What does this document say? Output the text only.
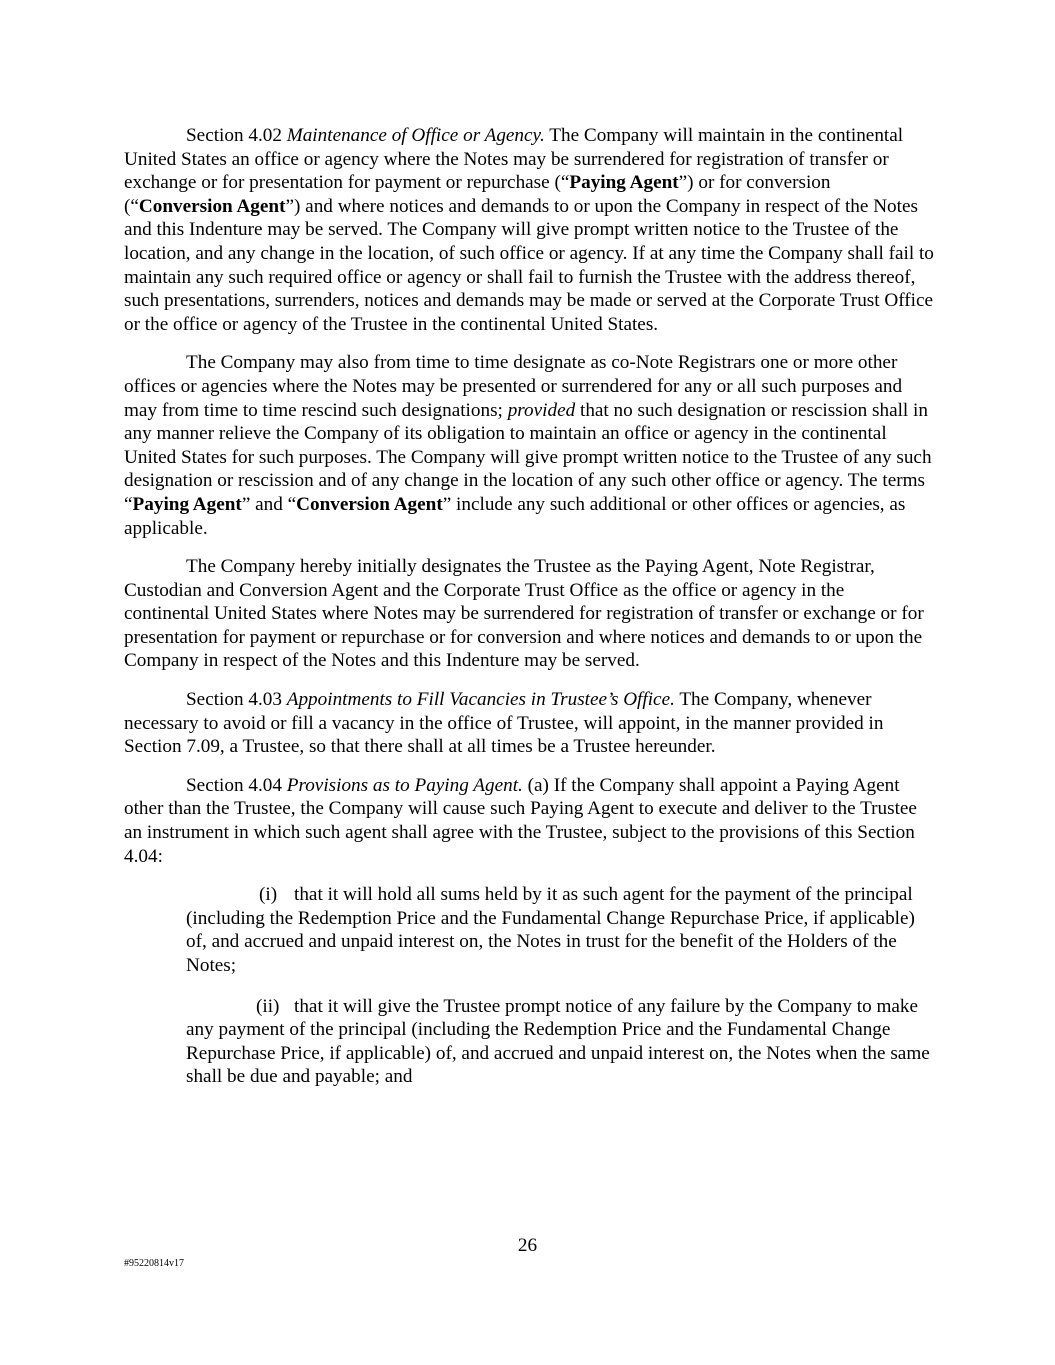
Section 4.02 Maintenance of Office or Agency. The Company will maintain in the continental United States an office or agency where the Notes may be surrendered for registration of transfer or exchange or for presentation for payment or repurchase (“Paying Agent”) or for conversion (“Conversion Agent”) and where notices and demands to or upon the Company in respect of the Notes and this Indenture may be served. The Company will give prompt written notice to the Trustee of the location, and any change in the location, of such office or agency. If at any time the Company shall fail to maintain any such required office or agency or shall fail to furnish the Trustee with the address thereof, such presentations, surrenders, notices and demands may be made or served at the Corporate Trust Office or the office or agency of the Trustee in the continental United States.

The Company may also from time to time designate as co-Note Registrars one or more other offices or agencies where the Notes may be presented or surrendered for any or all such purposes and may from time to time rescind such designations; provided that no such designation or rescission shall in any manner relieve the Company of its obligation to maintain an office or agency in the continental United States for such purposes. The Company will give prompt written notice to the Trustee of any such designation or rescission and of any change in the location of any such other office or agency. The terms “Paying Agent” and “Conversion Agent” include any such additional or other offices or agencies, as applicable.

The Company hereby initially designates the Trustee as the Paying Agent, Note Registrar, Custodian and Conversion Agent and the Corporate Trust Office as the office or agency in the continental United States where Notes may be surrendered for registration of transfer or exchange or for presentation for payment or repurchase or for conversion and where notices and demands to or upon the Company in respect of the Notes and this Indenture may be served.

Section 4.03 Appointments to Fill Vacancies in Trustee’s Office. The Company, whenever necessary to avoid or fill a vacancy in the office of Trustee, will appoint, in the manner provided in Section 7.09, a Trustee, so that there shall at all times be a Trustee hereunder.

Section 4.04 Provisions as to Paying Agent. (a) If the Company shall appoint a Paying Agent other than the Trustee, the Company will cause such Paying Agent to execute and deliver to the Trustee an instrument in which such agent shall agree with the Trustee, subject to the provisions of this Section 4.04:

(i) that it will hold all sums held by it as such agent for the payment of the principal (including the Redemption Price and the Fundamental Change Repurchase Price, if applicable) of, and accrued and unpaid interest on, the Notes in trust for the benefit of the Holders of the Notes;

(ii) that it will give the Trustee prompt notice of any failure by the Company to make any payment of the principal (including the Redemption Price and the Fundamental Change Repurchase Price, if applicable) of, and accrued and unpaid interest on, the Notes when the same shall be due and payable; and

26
#95220814v17
